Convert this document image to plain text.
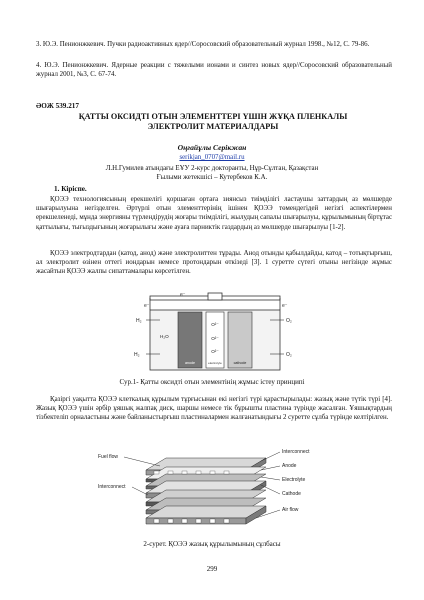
3. Ю.Э. Пенионжкевич. Пучки радиоактивных ядер//Соросовский образовательный журнал 1998., №12, С. 79-86.
4. Ю.Э. Пенионжкевич. Ядерные реакции с тяжелыми ионами и синтез новых ядер//Соросовский образовательный журнал 2001, №3, С. 67-74.
ӘОЖ 539.217
ҚАТТЫ ОКСИДТІ ОТЫН ЭЛЕМЕНТТЕРІ ҮШІН ЖҰҚА ПЛЕНКАЛЫ
ЭЛЕКТРОЛИТ МАТЕРИАЛДАРЫ
Оңғайұлы Серікжан
serikjan_0707@mail.ru
Л.Н.Гумилев атындағы ЕҰУ 2-курс докторанты, Нұр-Сұлтан, Қазақстан
Ғылыми жетекшісі – Кутербеков К.А.
1. Кіріспе.
ҚОЭЭ технологиясының ерекшелігі қоршаған ортаға зиянсыз тиімділігі ластаушы заттардың аз мөлшерде шығарылуына негізделген. Әртүрлі отын элементтерінің ішінен ҚОЭЭ төмендегідей негізгі аспектілермен ерекшеленеді, мұнда энергияны түрлендірудің жоғары тиімділігі, жылудың сапалы шығарылуы, құрылымының біртұтас қаттылығы, тығыздығының жоғарылығы және ауаға парниктік газдардың аз мөлшерде шығарылуы [1-2].
ҚОЭЭ электродтардан (катод, анод) және электролиттен тұрады. Анод отынды қабылдайды, катод – тотықтырғыш, ал электролит өзінен оттегі иондарын немесе протондарын өткізеді [3]. 1 суретте сүтегі отыны негізінде жұмыс жасайтын ҚОЭЭ жалпы сипаттамалары көрсетілген.
e⁻
e⁻	e⁻
anode	electrolyte	cathode
O²⁻
O²⁻
O²⁻
H₂
H₂O
H₂
O₂
O₂
Сур.1- Қатты оксидті отын элементінің жұмыс істеу принципі
Қазіргі уақытта ҚОЭЭ клеткалық құрылым тұрғысынан екі негізгі түрі қарастырылады: жазық және түтік түрі [4]. Жазық ҚОЭЭ үшін әрбір ұяшық жалпақ диск, шаршы немесе тік бұрышты пластина түрінде жасалған. Ұяшықтардың тізбектеліп орналастыны және байланыстырғыш пластиналармен жалғанатындығы 2 суретте сұлба түрінде келтірілген.
Fuel flow
Interconnect
Interconnect
Anode
Electrolyte
Cathode
Air flow
2-сурет. ҚОЭЭ жазық құрылымының сұлбасы
299
